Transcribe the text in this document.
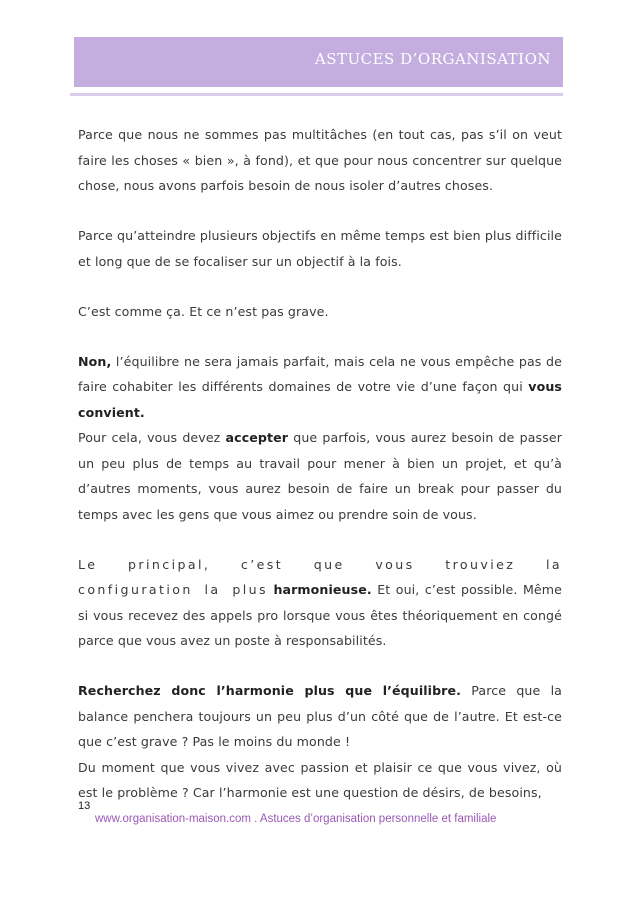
ASTUCES D’ORGANISATION

Parce que nous ne sommes pas multitâches (en tout cas, pas s’il on veut faire les choses « bien », à fond), et que pour nous concentrer sur quelque chose, nous avons parfois besoin de nous isoler d’autres choses.

Parce qu’atteindre plusieurs objectifs en même temps est bien plus difficile et long que de se focaliser sur un objectif à la fois.

C’est comme ça. Et ce n’est pas grave.

Non, l’équilibre ne sera jamais parfait, mais cela ne vous empêche pas de faire cohabiter les différents domaines de votre vie d’une façon qui vous convient.

Pour cela, vous devez accepter que parfois, vous aurez besoin de passer un peu plus de temps au travail pour mener à bien un projet, et qu’à d’autres moments, vous aurez besoin de faire un break pour passer du temps avec les gens que vous aimez ou prendre soin de vous.

Le principal, c’est que vous trouviez la configuration la plus harmonieuse. Et oui, c’est possible. Même si vous recevez des appels pro lorsque vous êtes théoriquement en congé parce que vous avez un poste à responsabilités.

Recherchez donc l’harmonie plus que l’équilibre. Parce que la balance penchera toujours un peu plus d’un côté que de l’autre. Et est-ce que c’est grave ? Pas le moins du monde !

Du moment que vous vivez avec passion et plaisir ce que vous vivez, où est le problème ? Car l’harmonie est une question de désirs, de besoins,

13
www.organisation-maison.com . Astuces d’organisation personnelle et familiale
